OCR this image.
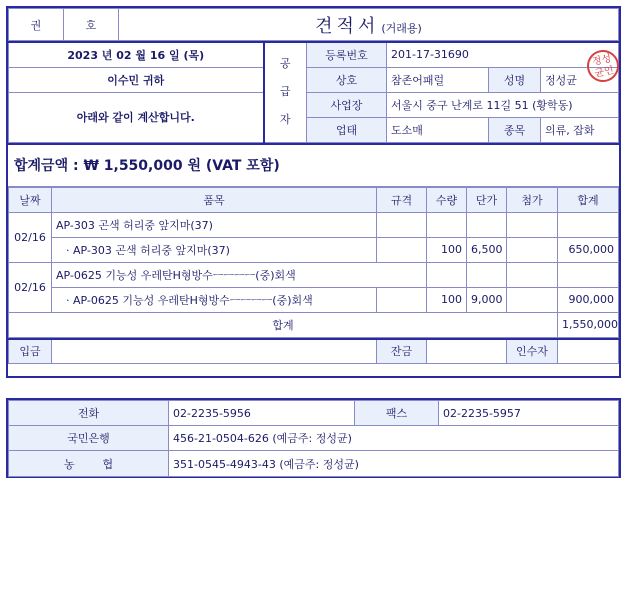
권	호	견적서 (거래용)
2023 년 02 월 16 일 (목)	공
급
자	등록번호	201-17-31690		
이수민 귀하		상호	참존어패럴	성명	정성균
아래와 같이 계산합니다.		사업장	서울시 중구 난계로 11길 51 (황학동)		
		업태	도소매	종목	의류, 잡화
합계금액 : ₩ 1,550,000 원 (VAT 포함)
날짜	품목	규격	수량	단가	첨가	합계
02/16	AP-303 곤색 허리중 앞지마(37)					
	· AP-303 곤색 허리중 앞지마(37)		100	6,500		650,000
02/16	AP-0625 기능성 우레탄H형방수ㅡㅡㅡㅡ(중)회색					
	· AP-0625 기능성 우레탄H형방수ㅡㅡㅡㅡ(중)회색		100	9,000		900,000
합계						1,550,000
입금		잔금		인수자	
정성
균인
전화	02-2235-5956	팩스	02-2235-5957
국민은행	456-21-0504-626 (예금주: 정성균)		
농        협	351-0545-4943-43 (예금주: 정성균)		
